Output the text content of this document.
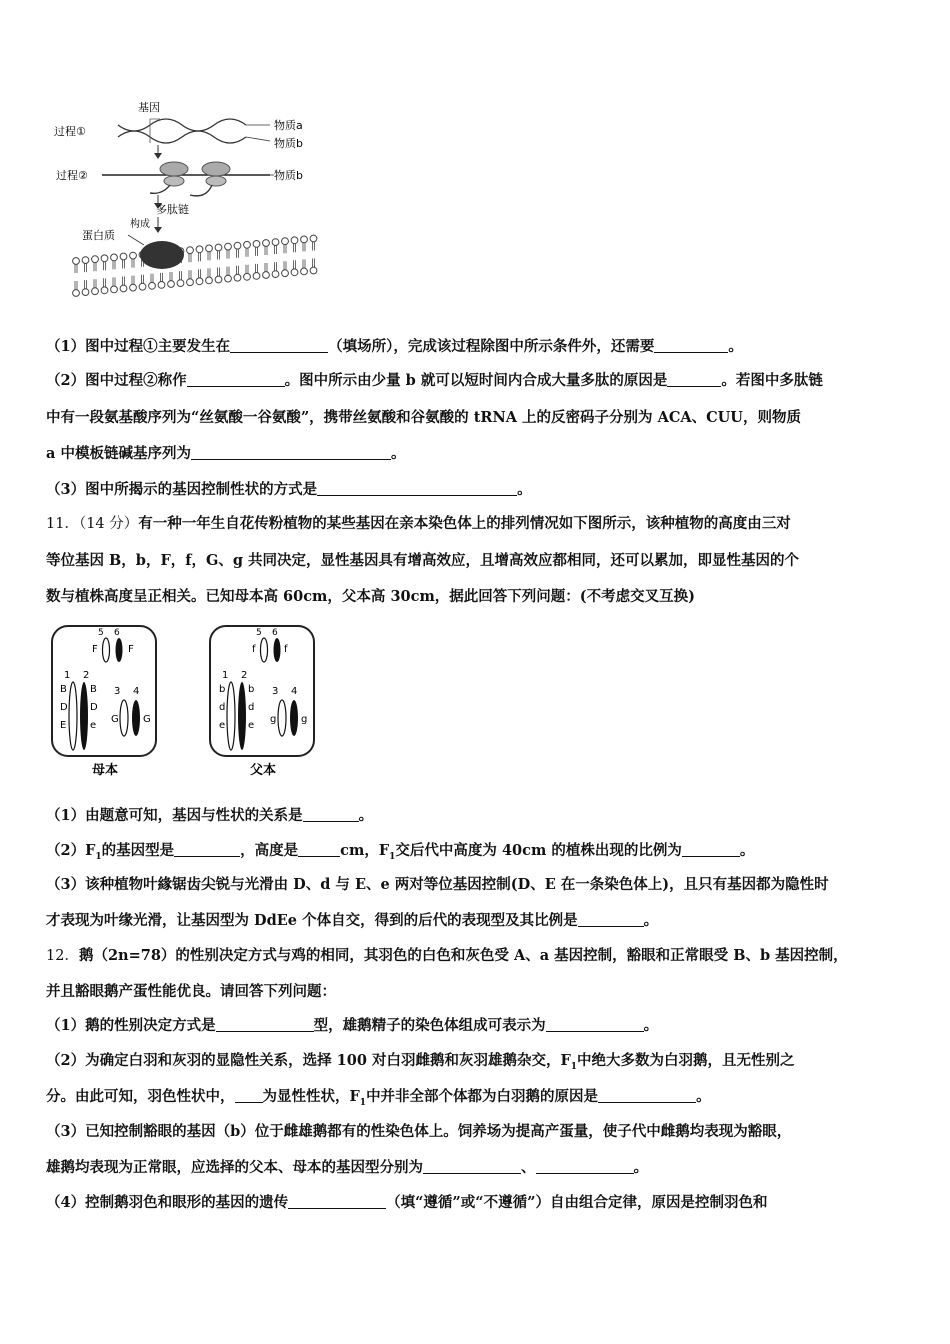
基因
过程①	物质a
物质b
过程②	物质b
多肽链
构成
蛋白质
（1）图中过程①主要发生在	（填场所），完成该过程除图中所示条件外，还需要	。
（2）图中过程②称作	。图中所示由少量 b 就可以短时间内合成大量多肽的原因是	。若图中多肽链
中有一段氨基酸序列为“丝氨酸一谷氨酸”，携带丝氨酸和谷氨酸的 tRNA 上的反密码子分别为 ACA、CUU，则物质
a 中模板链碱基序列为	。
（3）图中所揭示的基因控制性状的方式是	。
11．（14 分）有一种一年生自花传粉植物的某些基因在亲本染色体上的排列情况如下图所示，该种植物的高度由三对
等位基因 B，b，F，f，G、g 共同决定，显性基因具有增高效应，且增高效应都相同，还可以累加，即显性基因的个
数与植株高度呈正相关。已知母本高 60cm，父本高 30cm，据此回答下列问题：(不考虑交叉互换)
5 6
F	F
1 2
B
D
E
B
D
e
3 4
G G
母本
5 6
f	f
1 2
b
d
e
b
d
e
3 4
g g
父本
（1）由题意可知，基因与性状的关系是	。
$(2)F_1$的基因型是	，高度是	cm，$F_1$交后代中高度为 40cm 的植株出现的比例为	。
（3）该种植物叶緣锯齿尖锐与光滑由 D、d 与 E、e 两对等位基因控制(D、E 在一条染色体上)，且只有基因都为隐性时
才表现为叶缘光滑，让基因型为 DdEe 个体自交，得到的后代的表现型及其比例是	。
12．鹅（2n=78）的性别决定方式与鸡的相同，其羽色的白色和灰色受 A、a 基因控制，豁眼和正常眼受 B、b 基因控制，
并且豁眼鹅产蛋性能优良。请回答下列问题：
（1）鹅的性别决定方式是	型，雄鹅精子的染色体组成可表示为	。
（2）为确定白羽和灰羽的显隐性关系，选择 100 对白羽雌鹅和灰羽雄鹅杂交，$F_1$中绝大多数为白羽鹅，且无性别之
分。由此可知，羽色性状中， 为显性性状，$F_1$中并非全部个体都为白羽鹅的原因是	。
（3）已知控制豁眼的基因（b）位于雌雄鹅都有的性染色体上。饲养场为提高产蛋量，使子代中雌鹅均表现为豁眼，
雄鹅均表现为正常眼，应选择的父本、母本的基因型分别为	、	。
（4）控制鹅羽色和眼形的基因的遗传	（填“遵循”或“不遵循”）自由组合定律，原因是控制羽色和
